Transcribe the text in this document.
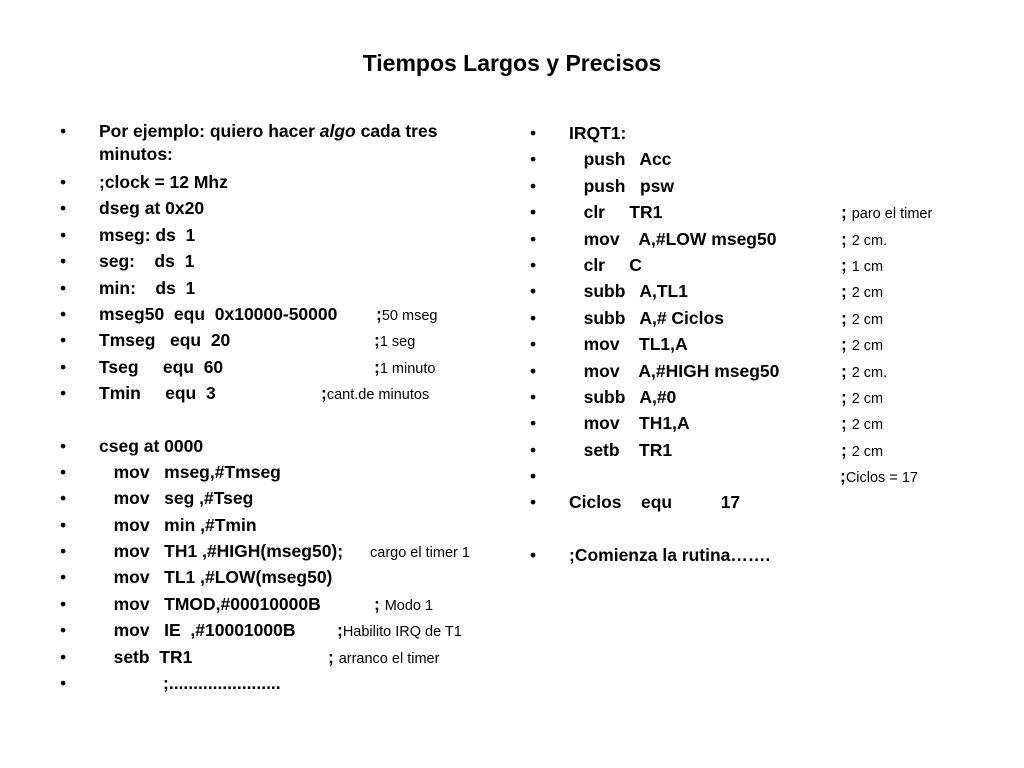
Tiempos Largos y Precisos
• Por ejemplo: quiero hacer algo cada tres minutos:
• ;clock = 12 Mhz
• dseg at 0x20
• mseg: ds  1
• seg:    ds  1
• min:    ds  1
• mseg50  equ  0x10000-50000 ;50 mseg
• Tmseg   equ  20	;1 seg
• Tseg     equ  60	;1 minuto
• Tmin     equ  3	;cant.de minutos
• cseg at 0000
• mov   mseg,#Tmseg
• mov   seg ,#Tseg
• mov   min ,#Tmin
• mov   TH1 ,#HIGH(mseg50); cargo el timer 1
• mov   TL1 ,#LOW(mseg50)
• mov   TMOD,#00010000B	; Modo 1
• mov   IE  ,#10001000B ;Habilito IRQ de T1
• setb  TR1	; arranco el timer
•	;.......................
• IRQT1:
• push   Acc
• push   psw
• clr     TR1	; paro el timer
• mov    A,#LOW mseg50	; 2 cm.
• clr     C	; 1 cm
• subb   A,TL1	; 2 cm
• subb   A,# Ciclos	; 2 cm
• mov    TL1,A	; 2 cm
• mov    A,#HIGH mseg50	; 2 cm.
• subb   A,#0	; 2 cm
• mov    TH1,A	; 2 cm
• setb    TR1	; 2 cm
•	;Ciclos = 17
• Ciclos    equ          17
• ;Comienza la rutina…….
